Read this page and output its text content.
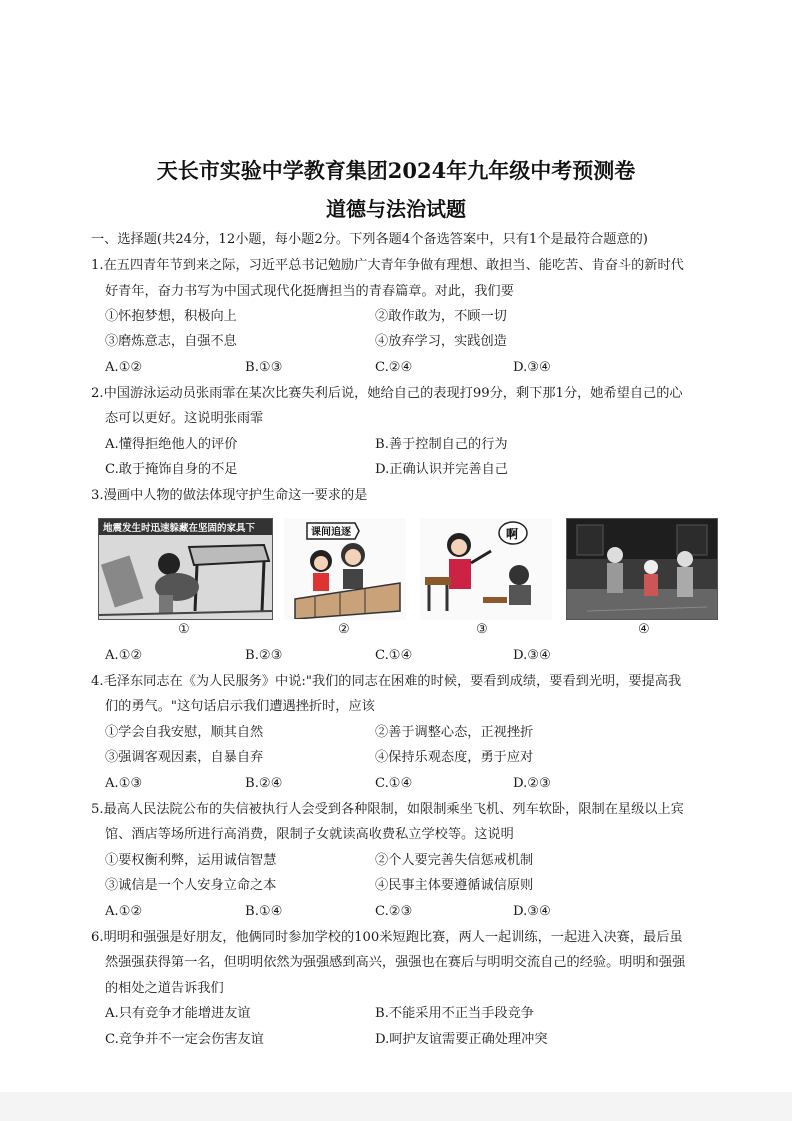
天长市实验中学教育集团2024年九年级中考预测卷
道德与法治试题
一、选择题(共24分，12小题，每小题2分。下列各题4个备选答案中，只有1个是最符合题意的)
1.在五四青年节到来之际，习近平总书记勉励广大青年争做有理想、敢担当、能吃苦、肯奋斗的新时代
好青年，奋力书写为中国式现代化挺膺担当的青春篇章。对此，我们要
①怀抱梦想，积极向上	②敢作敢为，不顾一切
③磨炼意志，自强不息	④放弃学习，实践创造
A.①②	B.①③	C.②④	D.③④
2.中国游泳运动员张雨霏在某次比赛失利后说，她给自己的表现打99分，剩下那1分，她希望自己的心
态可以更好。这说明张雨霏
A.懂得拒绝他人的评价	B.善于控制自己的行为
C.敢于掩饰自身的不足	D.正确认识并完善自己
3.漫画中人物的做法体现守护生命这一要求的是
地震发生时迅速躲藏在坚固的家具下
①
课间追逐
②
啊
③	④
A.①②	B.②③	C.①④	D.③④
4.毛泽东同志在《为人民服务》中说:"我们的同志在困难的时候，要看到成绩，要看到光明，要提高我
们的勇气。"这句话启示我们遭遇挫折时，应该
①学会自我安慰，顺其自然	②善于调整心态，正视挫折
③强调客观因素，自暴自弃	④保持乐观态度，勇于应对
A.①③	B.②④	C.①④	D.②③
5.最高人民法院公布的失信被执行人会受到各种限制，如限制乘坐飞机、列车软卧，限制在星级以上宾
馆、酒店等场所进行高消费，限制子女就读高收费私立学校等。这说明
①要权衡利弊，运用诚信智慧	②个人要完善失信惩戒机制
③诚信是一个人安身立命之本	④民事主体要遵循诚信原则
A.①②	B.①④	C.②③	D.③④
6.明明和强强是好朋友，他俩同时参加学校的100米短跑比赛，两人一起训练，一起进入决赛，最后虽
然强强获得第一名，但明明依然为强强感到高兴，强强也在赛后与明明交流自己的经验。明明和强强
的相处之道告诉我们
A.只有竞争才能增进友谊	B.不能采用不正当手段竞争
C.竞争并不一定会伤害友谊	D.呵护友谊需要正确处理冲突
